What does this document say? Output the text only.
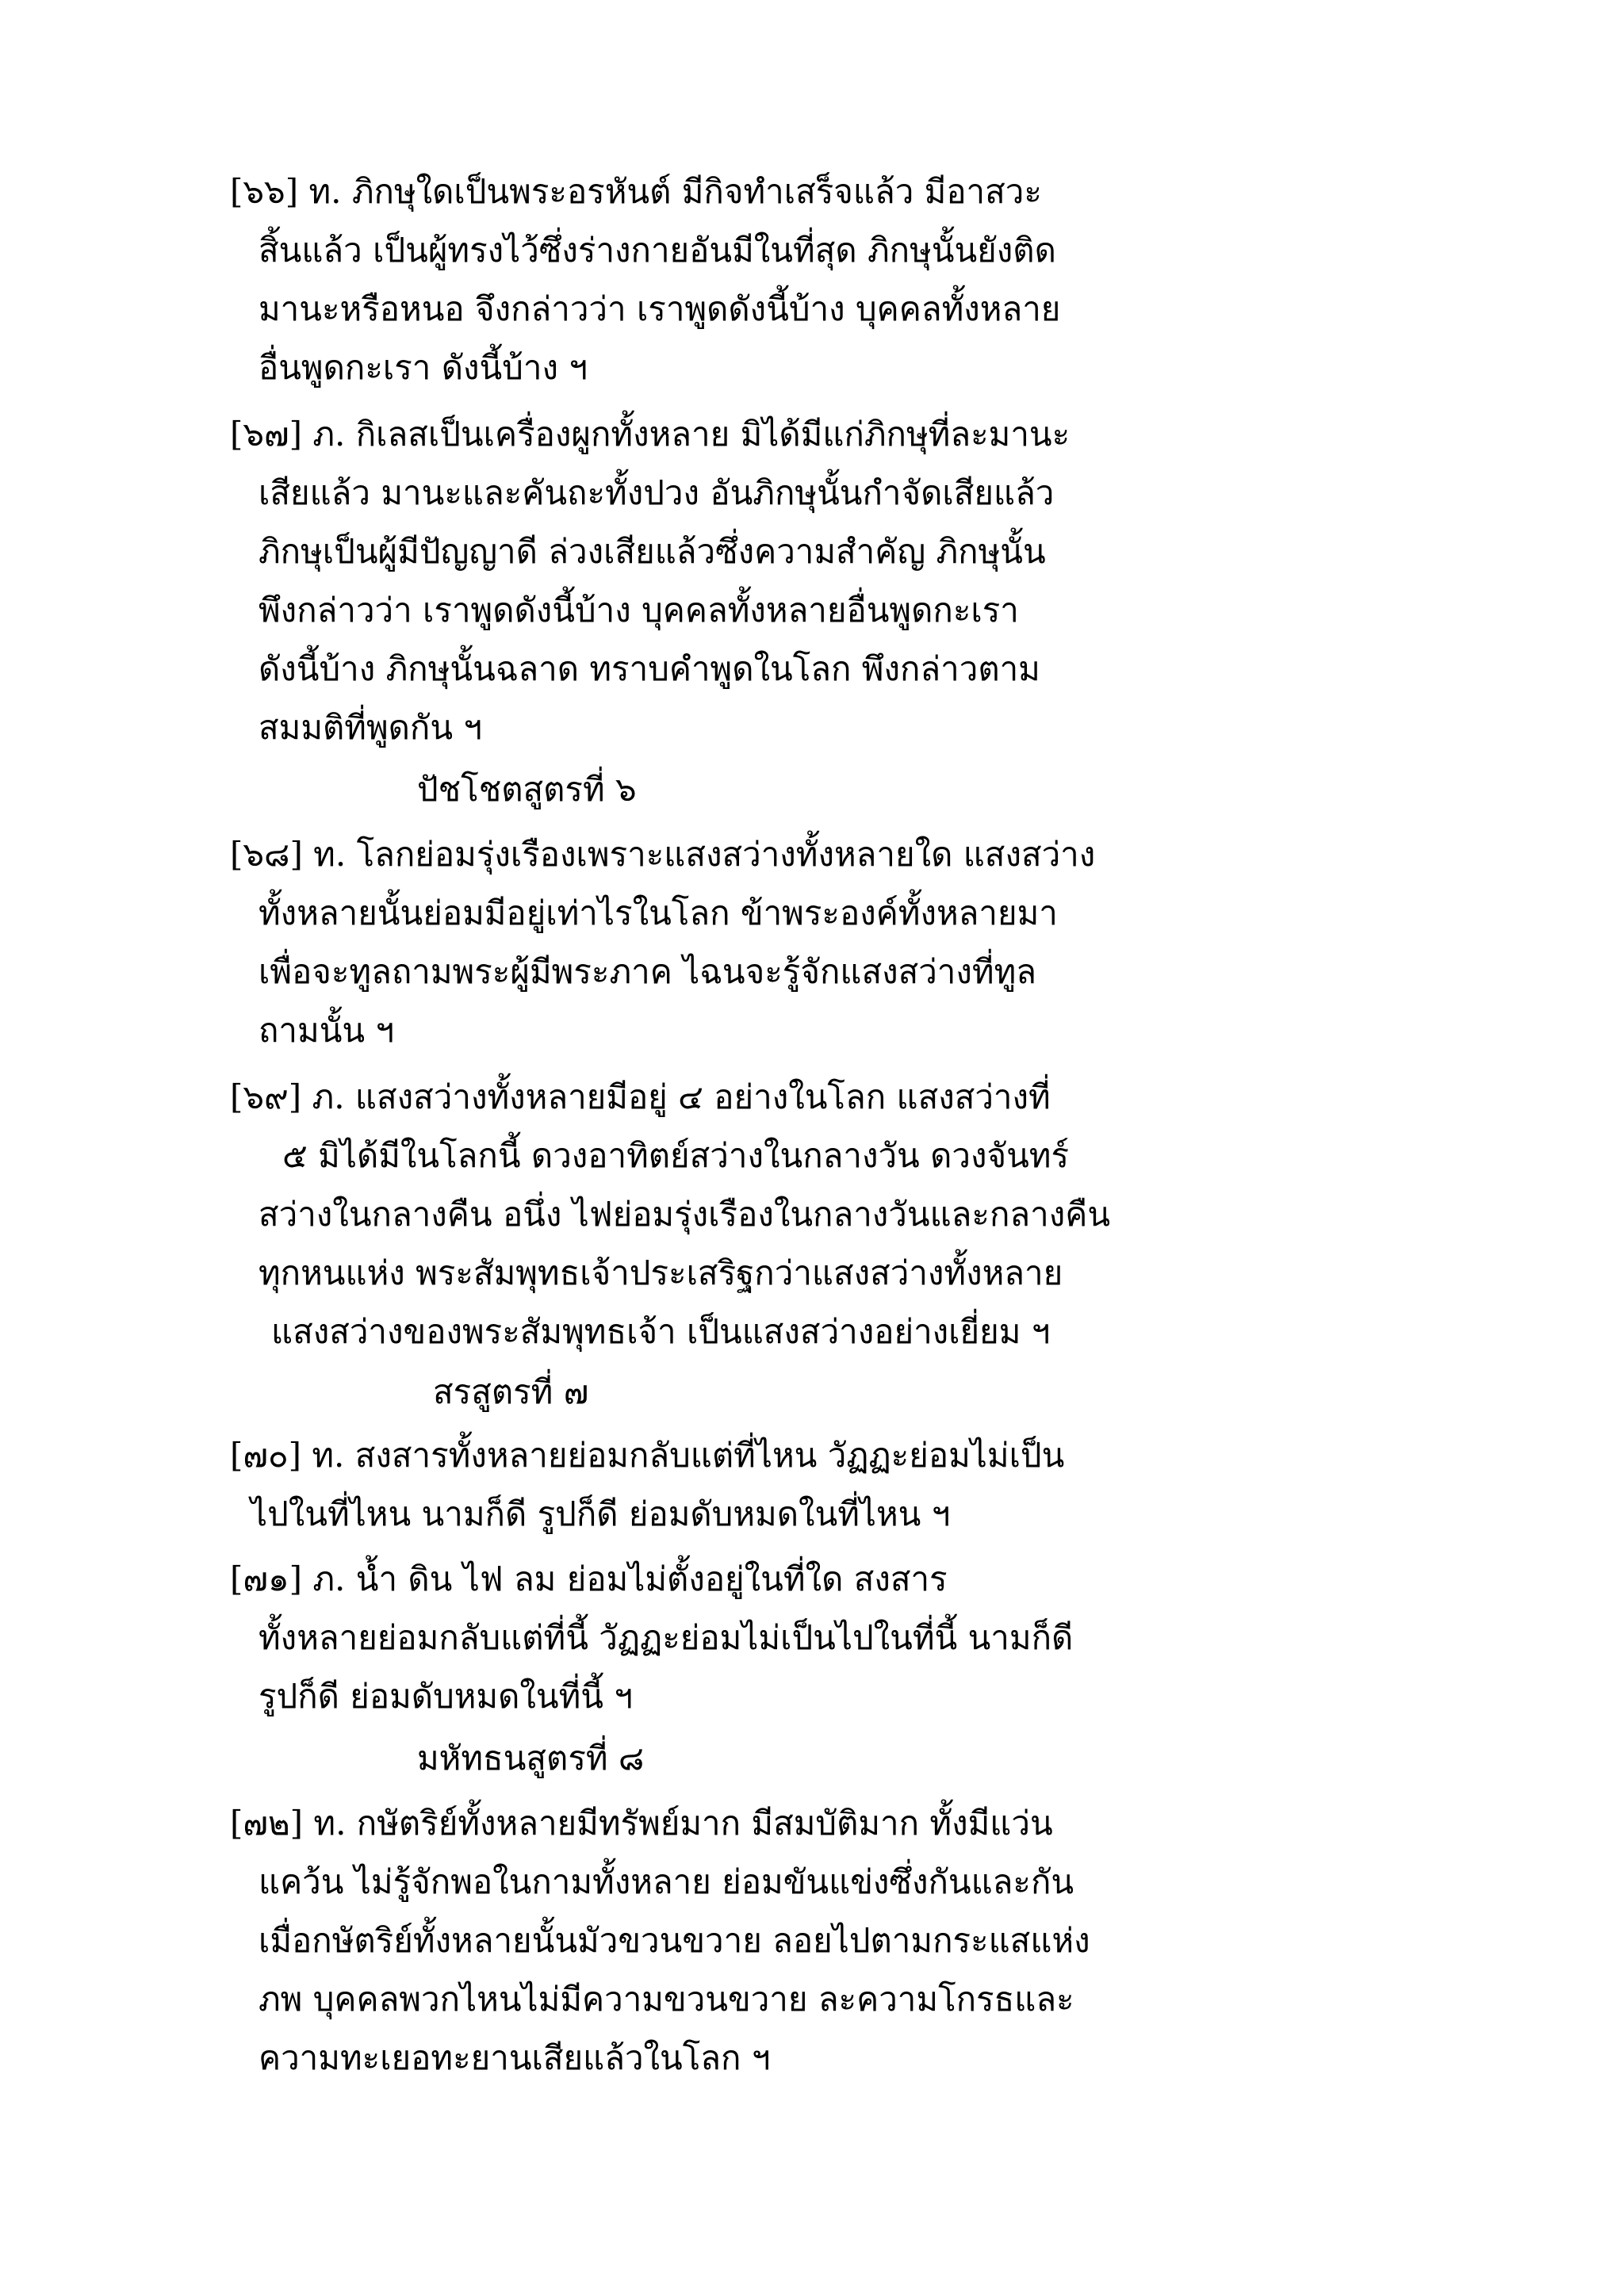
[๖๖] ท. ภิกษุใดเป็นพระอรหันต์ มีกิจทำเสร็จแล้ว มีอาสวะ
สิ้นแล้ว เป็นผู้ทรงไว้ซึ่งร่างกายอันมีในที่สุด ภิกษุนั้นยังติด
มานะหรือหนอ จึงกล่าวว่า เราพูดดังนี้บ้าง บุคคลทั้งหลาย
อื่นพูดกะเรา ดังนี้บ้าง ฯ
[๖๗] ภ. กิเลสเป็นเครื่องผูกทั้งหลาย มิได้มีแก่ภิกษุที่ละมานะ
เสียแล้ว มานะและคันถะทั้งปวง อันภิกษุนั้นกำจัดเสียแล้ว
ภิกษุเป็นผู้มีปัญญาดี ล่วงเสียแล้วซึ่งความสำคัญ ภิกษุนั้น
พึงกล่าวว่า เราพูดดังนี้บ้าง บุคคลทั้งหลายอื่นพูดกะเรา
ดังนี้บ้าง ภิกษุนั้นฉลาด ทราบคำพูดในโลก พึงกล่าวตาม
สมมติที่พูดกัน ฯ
ปัชโชตสูตรที่ ๖
[๖๘] ท. โลกย่อมรุ่งเรืองเพราะแสงสว่างทั้งหลายใด แสงสว่าง
ทั้งหลายนั้นย่อมมีอยู่เท่าไรในโลก ข้าพระองค์ทั้งหลายมา
เพื่อจะทูลถามพระผู้มีพระภาค ไฉนจะรู้จักแสงสว่างที่ทูล
ถามนั้น ฯ
[๖๙] ภ. แสงสว่างทั้งหลายมีอยู่ ๔ อย่างในโลก แสงสว่างที่
๕ มิได้มีในโลกนี้ ดวงอาทิตย์สว่างในกลางวัน ดวงจันทร์
สว่างในกลางคืน อนึ่ง ไฟย่อมรุ่งเรืองในกลางวันและกลางคืน
ทุกหนแห่ง พระสัมพุทธเจ้าประเสริฐกว่าแสงสว่างทั้งหลาย
แสงสว่างของพระสัมพุทธเจ้า เป็นแสงสว่างอย่างเยี่ยม ฯ
สรสูตรที่ ๗
[๗๐] ท. สงสารทั้งหลายย่อมกลับแต่ที่ไหน วัฏฏะย่อมไม่เป็น
ไปในที่ไหน นามก็ดี รูปก็ดี ย่อมดับหมดในที่ไหน ฯ
[๗๑] ภ. น้ำ ดิน ไฟ ลม ย่อมไม่ตั้งอยู่ในที่ใด สงสาร
ทั้งหลายย่อมกลับแต่ที่นี้ วัฏฏะย่อมไม่เป็นไปในที่นี้ นามก็ดี
รูปก็ดี ย่อมดับหมดในที่นี้ ฯ
มหัทธนสูตรที่ ๘
[๗๒] ท. กษัตริย์ทั้งหลายมีทรัพย์มาก มีสมบัติมาก ทั้งมีแว่น
แคว้น ไม่รู้จักพอในกามทั้งหลาย ย่อมขันแข่งซึ่งกันและกัน
เมื่อกษัตริย์ทั้งหลายนั้นมัวขวนขวาย ลอยไปตามกระแสแห่ง
ภพ บุคคลพวกไหนไม่มีความขวนขวาย ละความโกรธและ
ความทะเยอทะยานเสียแล้วในโลก ฯ
